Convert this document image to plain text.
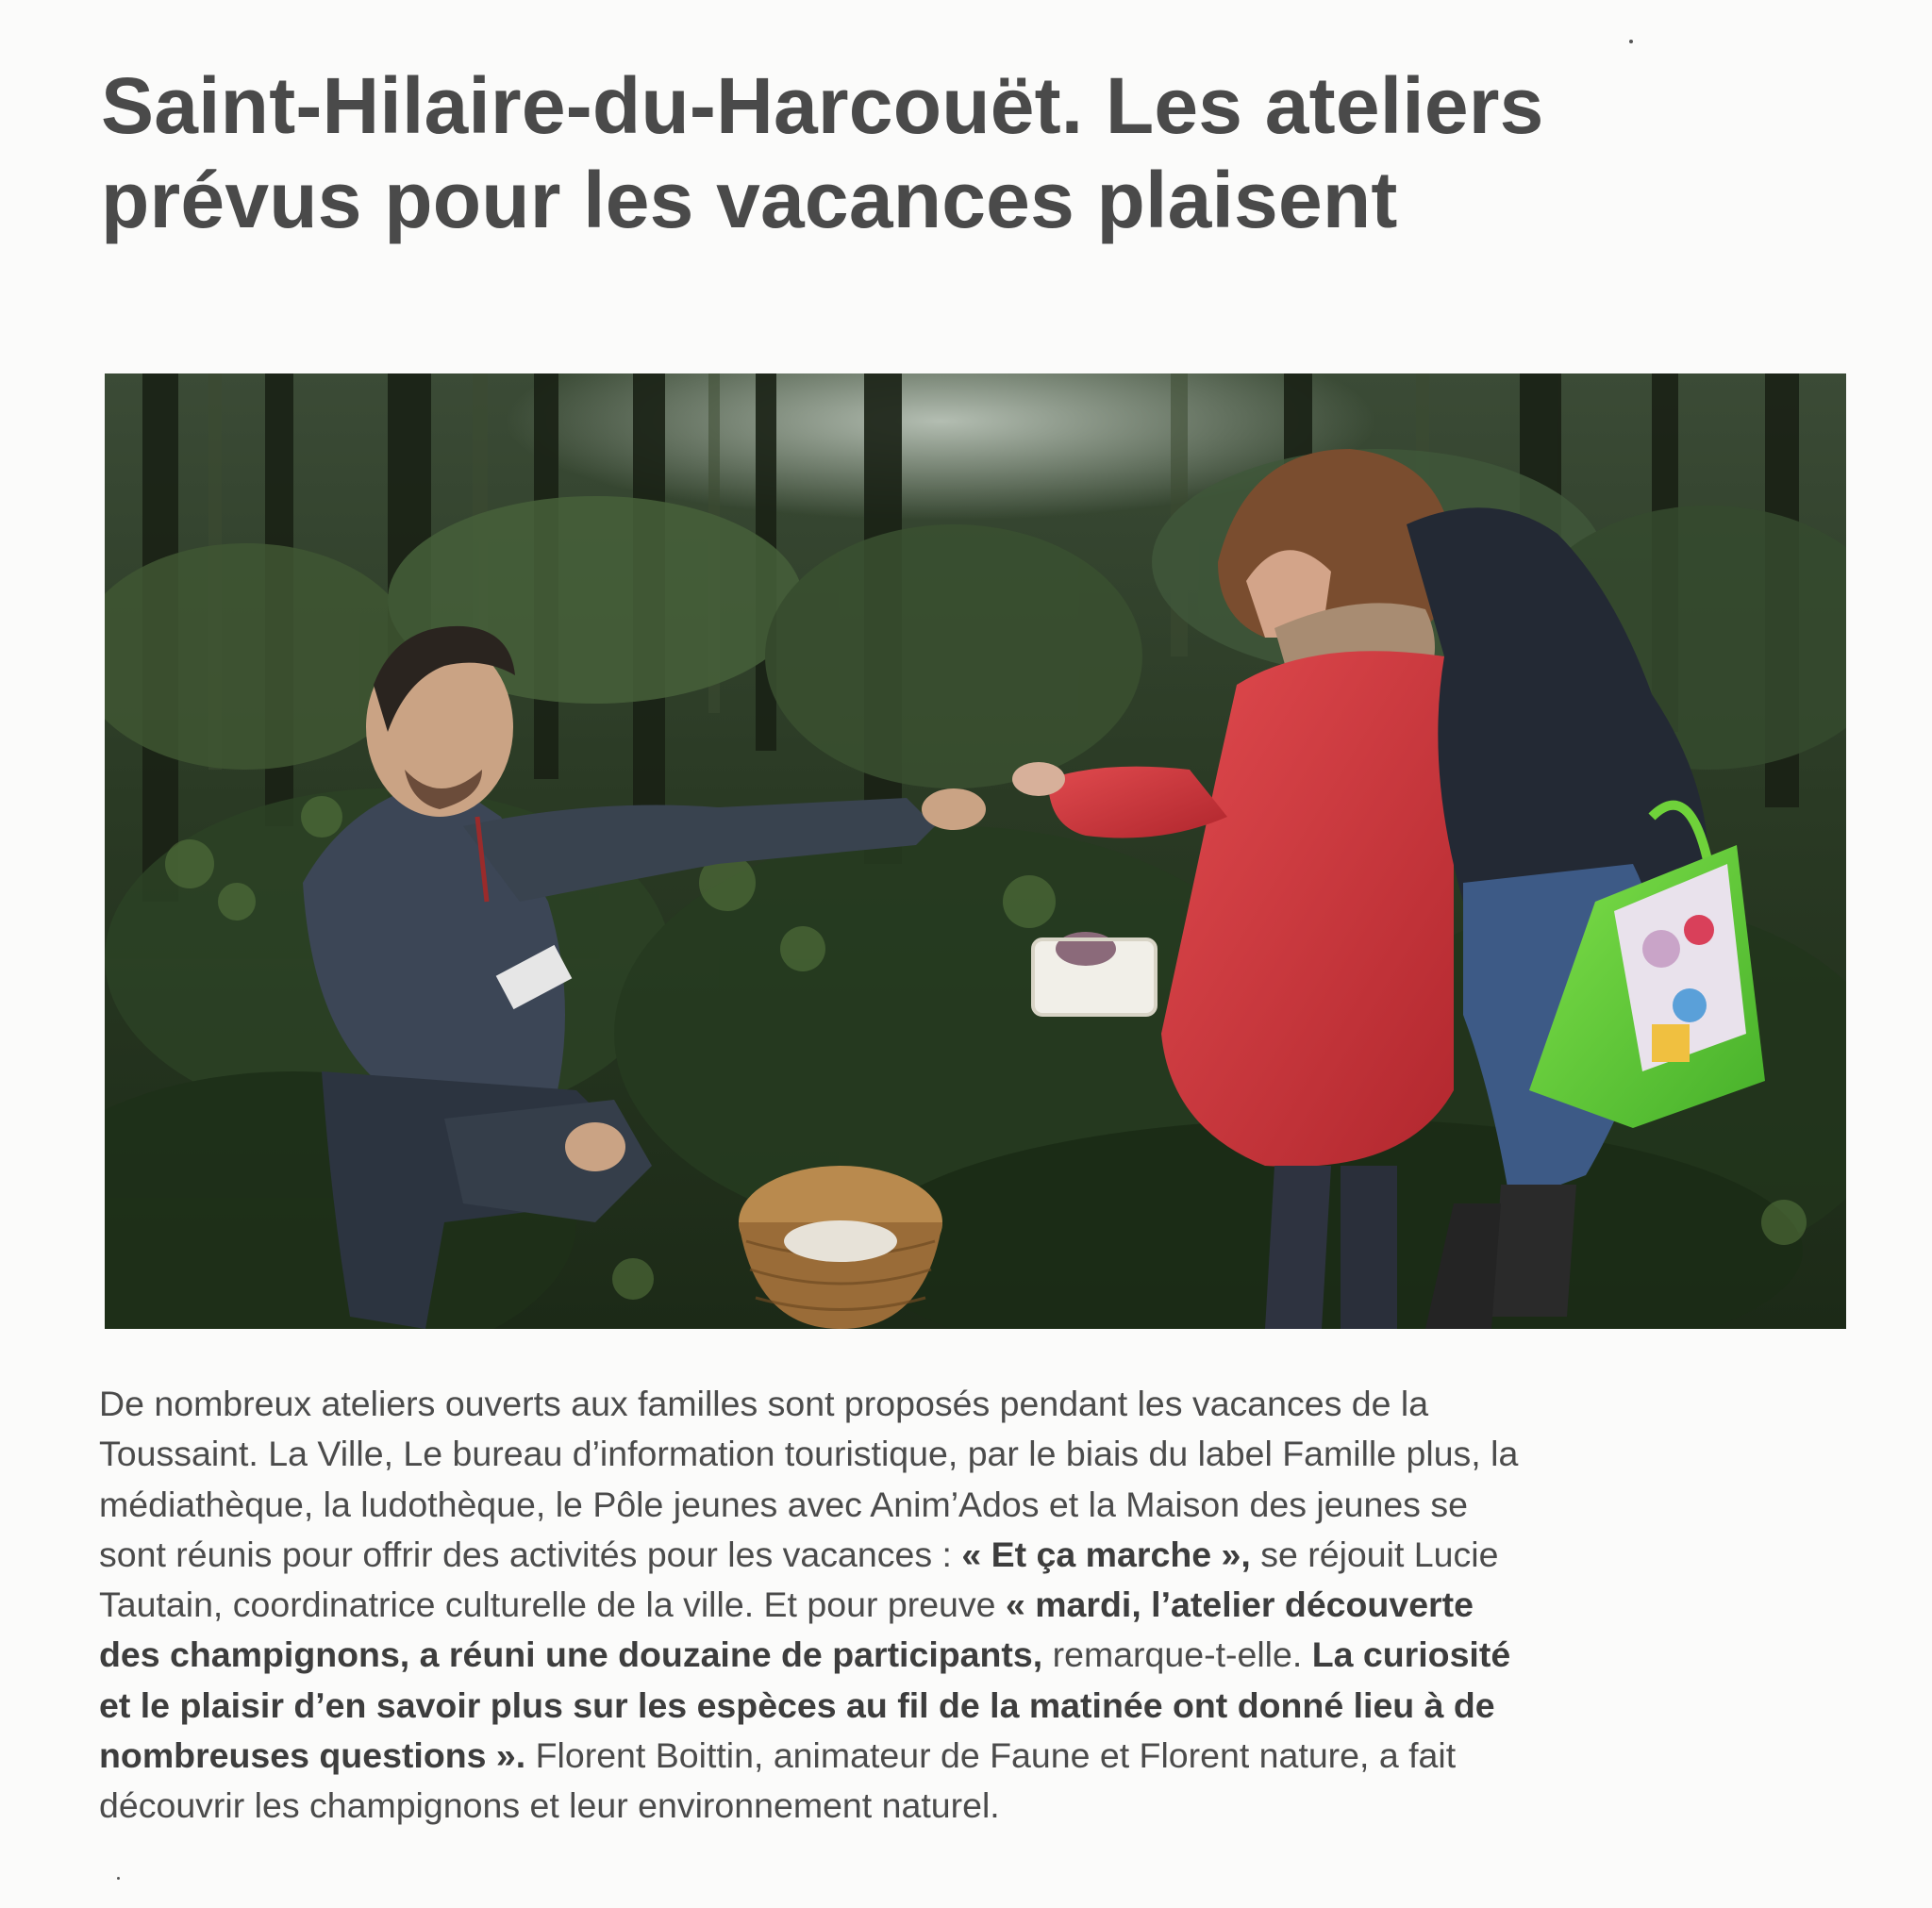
Saint-Hilaire-du-Harcouët. Les ateliers
prévus pour les vacances plaisent

De nombreux ateliers ouverts aux familles sont proposés pendant les vacances de la
Toussaint. La Ville, Le bureau d’information touristique, par le biais du label Famille plus, la
médiathèque, la ludothèque, le Pôle jeunes avec Anim’Ados et la Maison des jeunes se
sont réunis pour offrir des activités pour les vacances : « Et ça marche », se réjouit Lucie
Tautain, coordinatrice culturelle de la ville. Et pour preuve « mardi, l’atelier découverte
des champignons, a réuni une douzaine de participants, remarque-t-elle. La curiosité
et le plaisir d’en savoir plus sur les espèces au fil de la matinée ont donné lieu à de
nombreuses questions ». Florent Boittin, animateur de Faune et Florent nature, a fait
découvrir les champignons et leur environnement naturel.
